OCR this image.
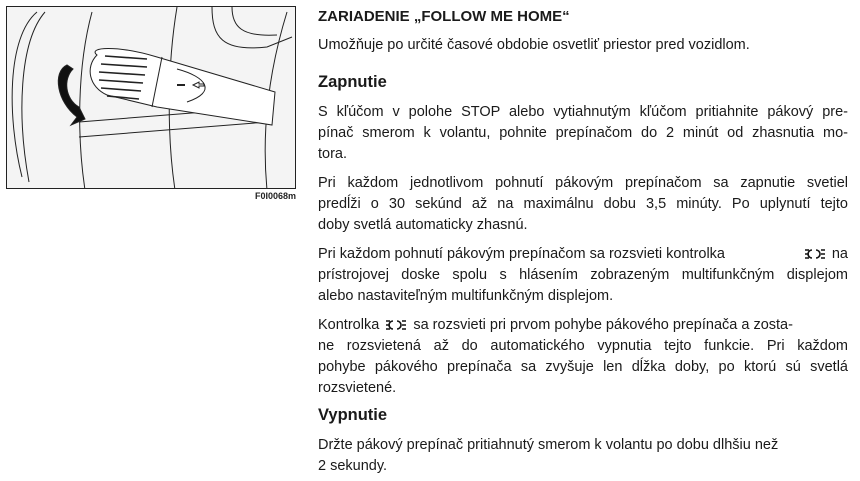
F0I0068m
ZARIADENIE „FOLLOW ME HOME“
Umožňuje po určité časové obdobie osvetliť priestor pred vozidlom.
Zapnutie
S kľúčom v polohe STOP alebo vytiahnutým kľúčom pritiahnite pákový pre-
pínač smerom k volantu, pohnite prepínačom do 2 minút od zhasnutia mo-
tora.
Pri každom jednotlivom pohnutí pákovým prepínačom sa zapnutie svetiel
predĺži o 30 sekúnd až na maximálnu dobu 3,5 minúty. Po uplynutí tejto
doby svetlá automaticky zhasnú.
Pri každom pohnutí pákovým prepínačom sa rozsvieti kontrolka	na
prístrojovej doske spolu s hlásením zobrazeným multifunkčným displejom
alebo nastaviteľným multifunkčným displejom.
Kontrolka sa rozsvieti pri prvom pohybe pákového prepínača a zosta-
ne rozsvietená až do automatického vypnutia tejto funkcie. Pri každom
pohybe pákového prepínača sa zvyšuje len dĺžka doby, po ktorú sú svetlá
rozsvietené.
Vypnutie
Držte pákový prepínač pritiahnutý smerom k volantu po dobu dlhšiu než
2 sekundy.
